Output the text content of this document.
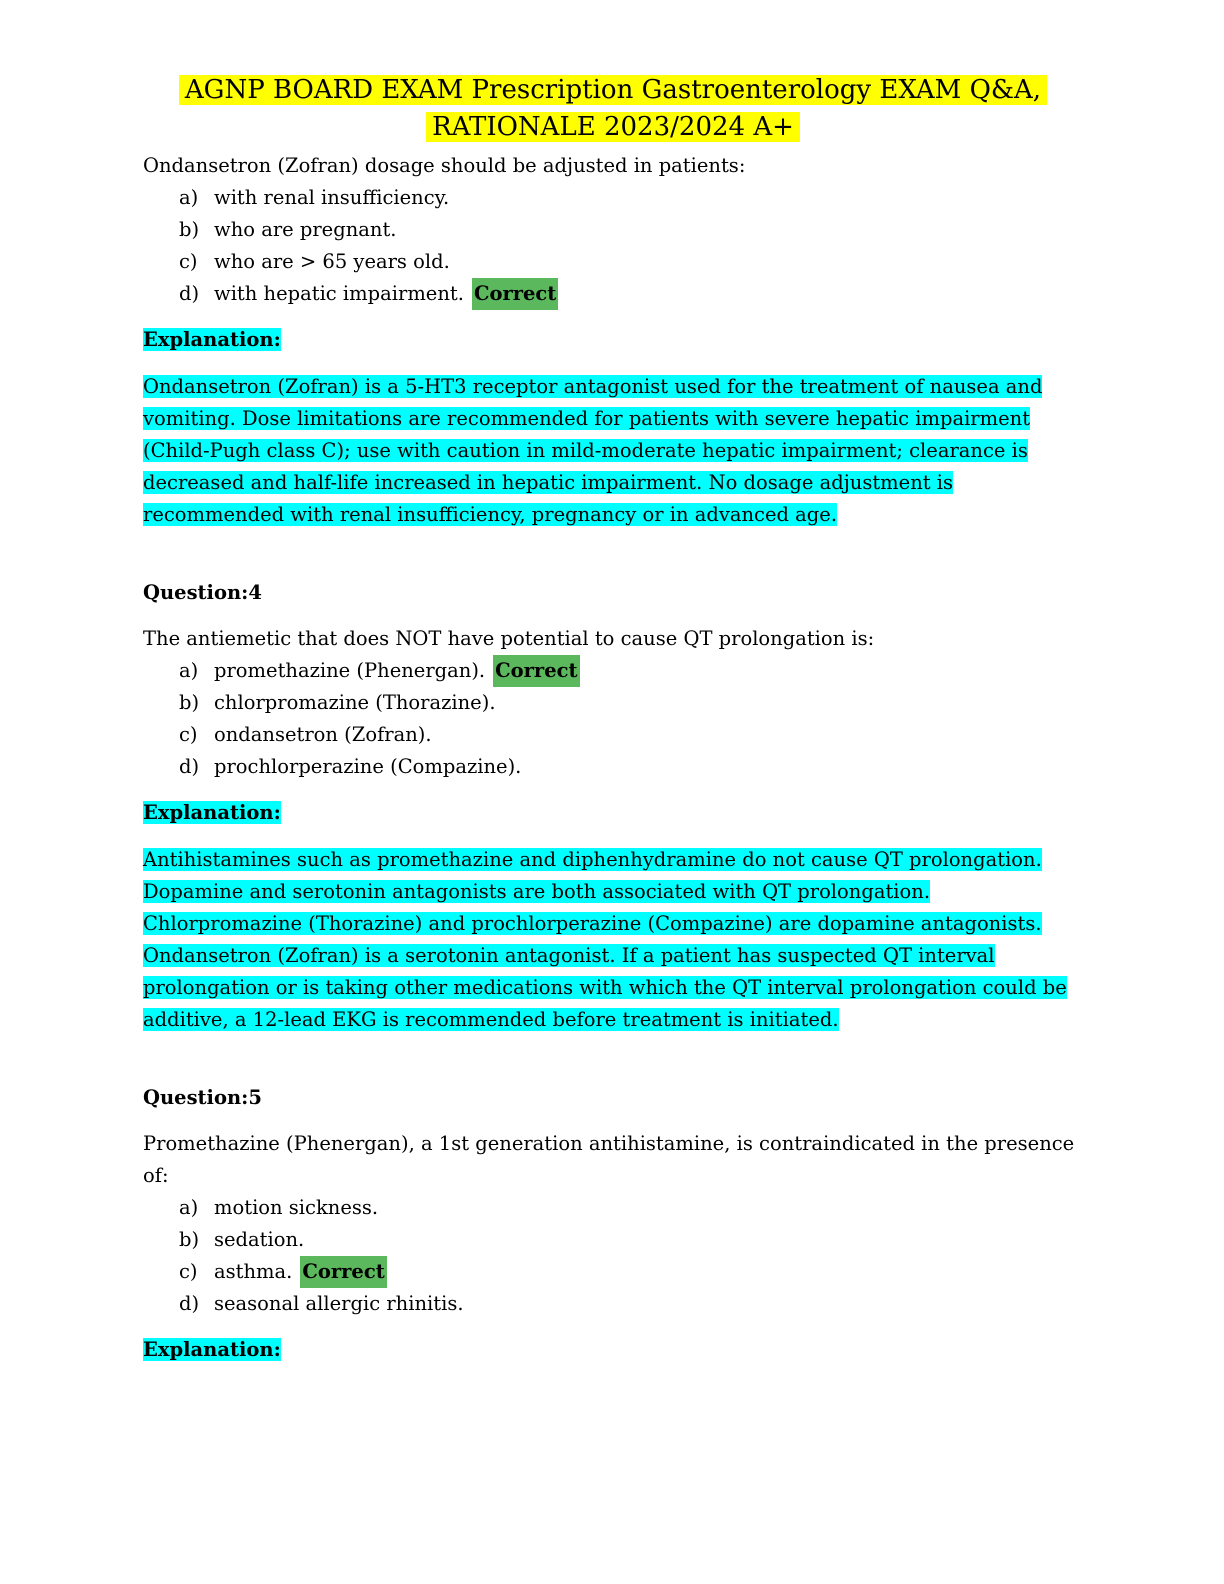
AGNP BOARD EXAM Prescription Gastroenterology EXAM Q&A,
RATIONALE 2023/2024 A+

Ondansetron (Zofran) dosage should be adjusted in patients:

a) with renal insufficiency.
b) who are pregnant.
c) who are > 65 years old.
d) with hepatic impairment. Correct

Explanation:

Ondansetron (Zofran) is a 5-HT3 receptor antagonist used for the treatment of nausea and vomiting. Dose limitations are recommended for patients with severe hepatic impairment (Child-Pugh class C); use with caution in mild-moderate hepatic impairment; clearance is decreased and half-life increased in hepatic impairment. No dosage adjustment is recommended with renal insufficiency, pregnancy or in advanced age.

Question:4

The antiemetic that does NOT have potential to cause QT prolongation is:

a) promethazine (Phenergan). Correct
b) chlorpromazine (Thorazine).
c) ondansetron (Zofran).
d) prochlorperazine (Compazine).

Explanation:

Antihistamines such as promethazine and diphenhydramine do not cause QT prolongation. Dopamine and serotonin antagonists are both associated with QT prolongation. Chlorpromazine (Thorazine) and prochlorperazine (Compazine) are dopamine antagonists. Ondansetron (Zofran) is a serotonin antagonist. If a patient has suspected QT interval prolongation or is taking other medications with which the QT interval prolongation could be additive, a 12-lead EKG is recommended before treatment is initiated.

Question:5

Promethazine (Phenergan), a 1st generation antihistamine, is contraindicated in the presence of:

a) motion sickness.
b) sedation.
c) asthma. Correct
d) seasonal allergic rhinitis.

Explanation:
